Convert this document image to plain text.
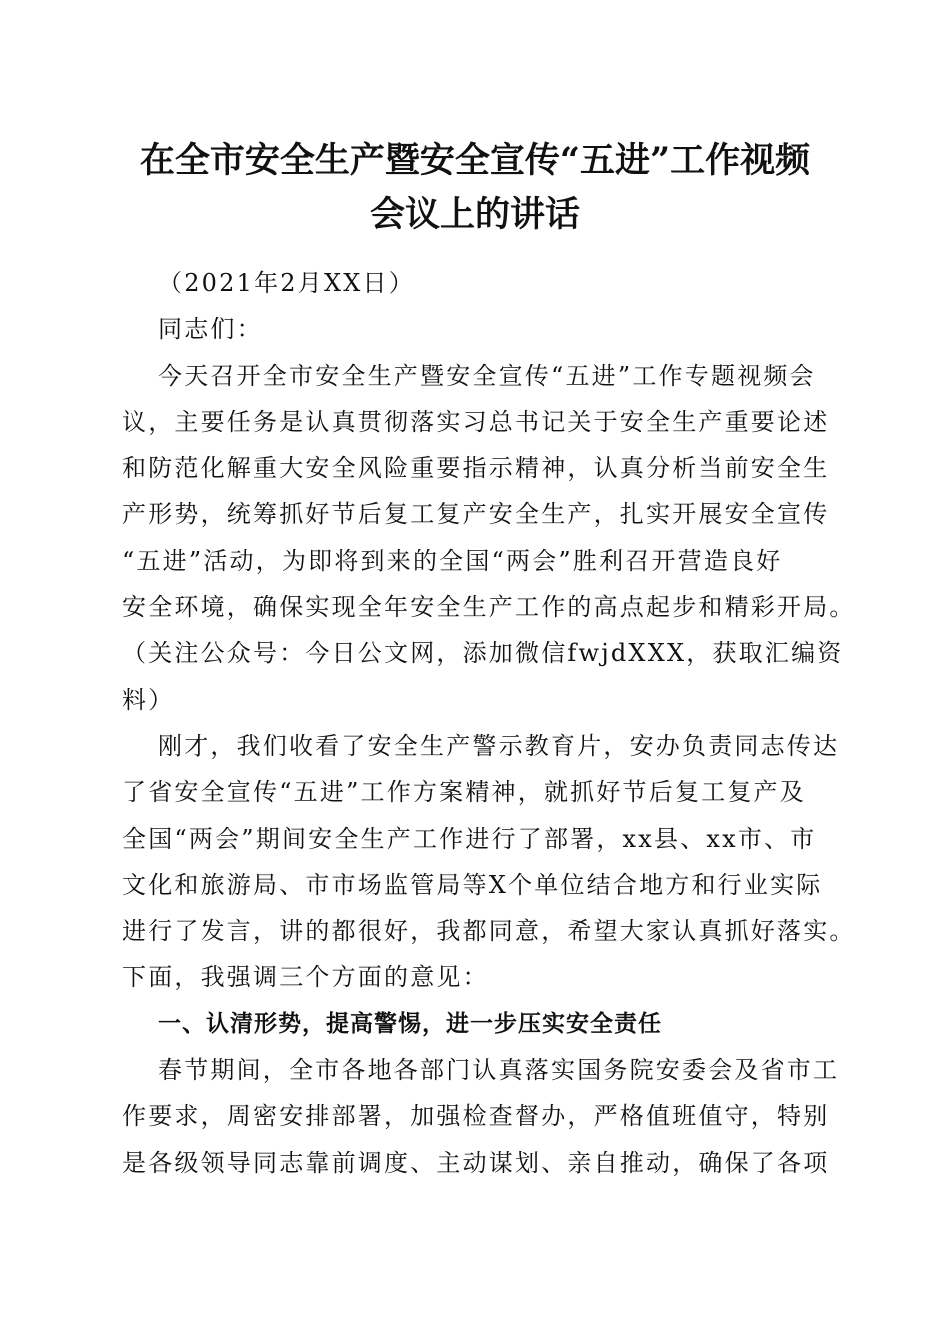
在全市安全生产暨安全宣传“五进”工作视频
会议上的讲话
（2021年2月XX日）
同志们：
今天召开全市安全生产暨安全宣传“五进”工作专题视频会
议，主要任务是认真贯彻落实习总书记关于安全生产重要论述
和防范化解重大安全风险重要指示精神，认真分析当前安全生
产形势，统筹抓好节后复工复产安全生产，扎实开展安全宣传
“五进”活动，为即将到来的全国“两会”胜利召开营造良好
安全环境，确保实现全年安全生产工作的高点起步和精彩开局。
（关注公众号：今日公文网，添加微信fwjdXXX，获取汇编资
料）
刚才，我们收看了安全生产警示教育片，安办负责同志传达
了省安全宣传“五进”工作方案精神，就抓好节后复工复产及
全国“两会”期间安全生产工作进行了部署，xx县、xx市、市
文化和旅游局、市市场监管局等X个单位结合地方和行业实际
进行了发言，讲的都很好，我都同意，希望大家认真抓好落实。
下面，我强调三个方面的意见：
一、认清形势，提高警惕，进一步压实安全责任
春节期间，全市各地各部门认真落实国务院安委会及省市工
作要求，周密安排部署，加强检查督办，严格值班值守，特别
是各级领导同志靠前调度、主动谋划、亲自推动，确保了各项
